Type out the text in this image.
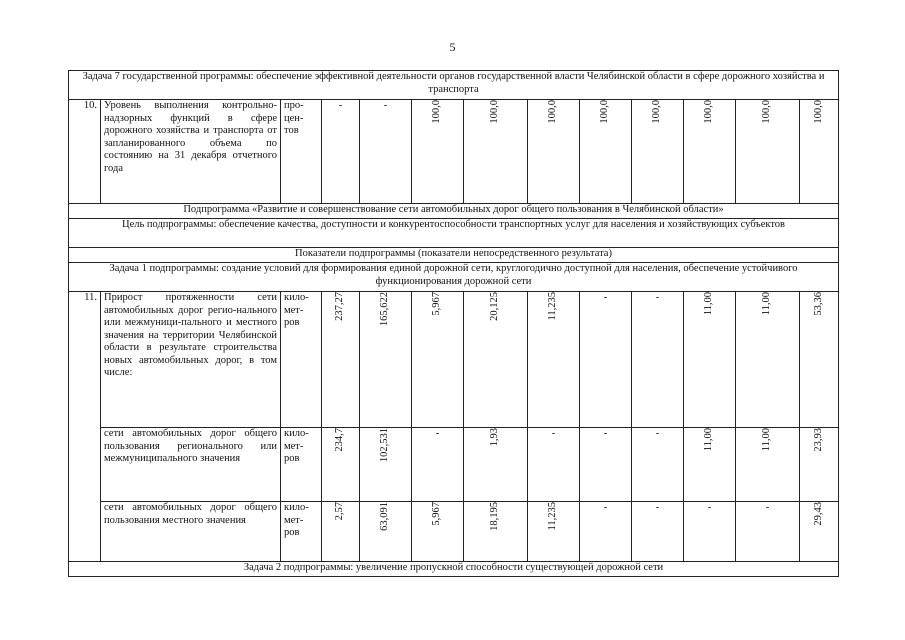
5
Задача 7 государственной программы: обеспечение эффективной деятельности органов государственной власти Челябинской области в сфере дорожного хозяйства и транспорта												
10.	Уровень выполнения контрольно-надзорных функций в сфере дорожного хозяйства и транспорта от запланированного объема по состоянию на 31 декабря отчетного года	про-цен-тов	-	-	100,0	100,0	100,0	100,0	100,0	100,0	100,0	100,0
Подпрограмма «Развитие и совершенствование сети автомобильных дорог общего пользования в Челябинской области»												
Цель подпрограммы: обеспечение качества, доступности и конкурентоспособности транспортных услуг для населения и хозяйствующих субъектов												
Показатели подпрограммы (показатели непосредственного результата)												
Задача 1 подпрограммы: создание условий для формирования единой дорожной сети, круглогодично доступной для населения, обеспечение устойчивого функционирования дорожной сети												
11.	Прирост протяженности сети автомобильных дорог регио-нального или межмуници-пального и местного значения на территории Челябинской области в результате строительства новых автомобильных дорог, в том числе:	кило-мет-ров	237,27	165,622	5,967	20,125	11,235	-	-	11,00	11,00	53,36
	сети автомобильных дорог общего пользования регионального или межмуниципального значения	кило-мет-ров	234,7	102,531	-	1,93	-	-	-	11,00	11,00	23,93
	сети автомобильных дорог общего пользования местного значения	кило-мет-ров	2,57	63,091	5,967	18,195	11,235	-	-	-	-	29,43
Задача 2 подпрограммы: увеличение пропускной способности существующей дорожной сети												
